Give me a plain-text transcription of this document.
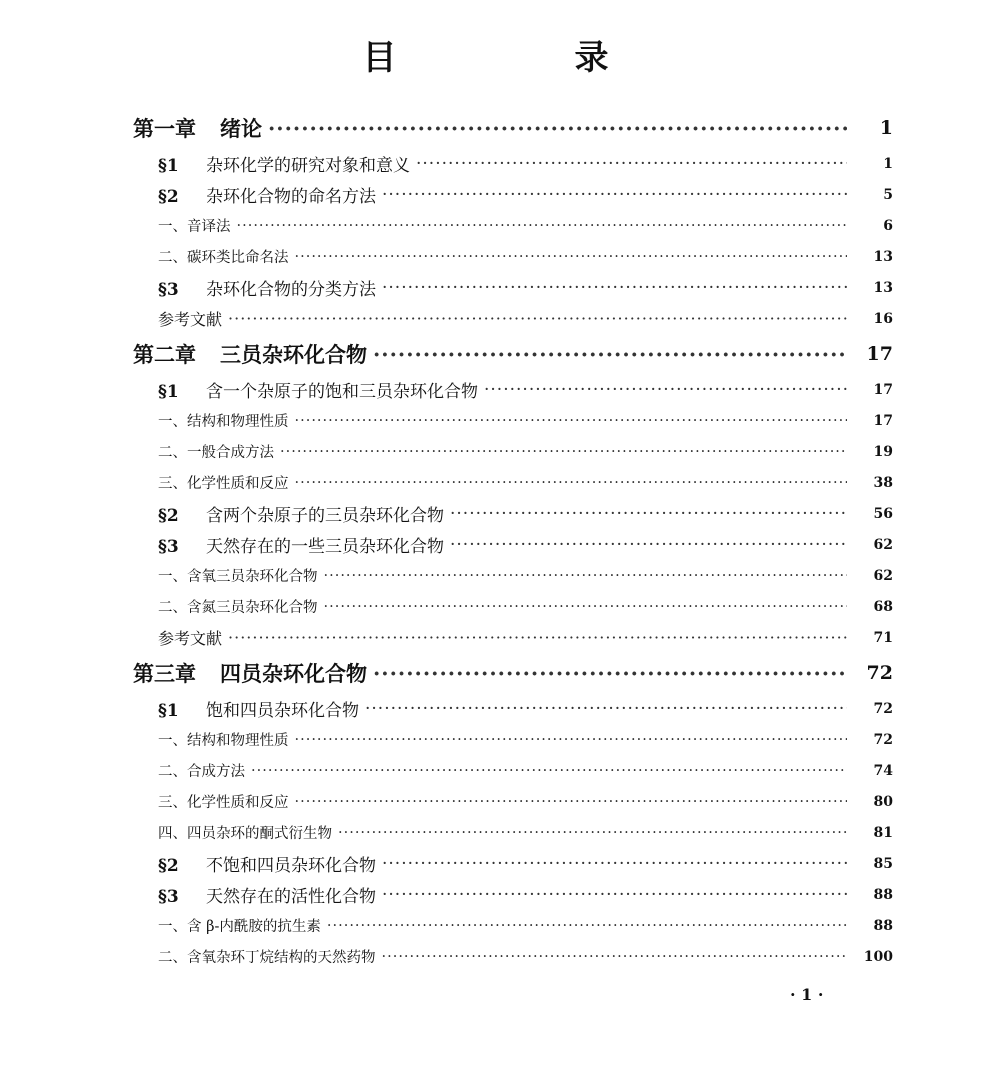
目　录
第一章 绪论 ·····	1
§1 杂环化学的研究对象和意义 ·····	1
§2 杂环化合物的命名方法 ·····	5
一、音译法 ·····	6
二、碳环类比命名法 ·····	13
§3 杂环化合物的分类方法 ·····	13
参考文献 ·····	16
第二章 三员杂环化合物 ·····	17
§1 含一个杂原子的饱和三员杂环化合物 ·····	17
一、结构和物理性质 ·····	17
二、一般合成方法 ·····	19
三、化学性质和反应 ·····	38
§2 含两个杂原子的三员杂环化合物 ·····	56
§3 天然存在的一些三员杂环化合物 ·····	62
一、含氧三员杂环化合物 ·····	62
二、含氮三员杂环化合物 ·····	68
参考文献 ·····	71
第三章 四员杂环化合物 ·····	72
§1 饱和四员杂环化合物 ·····	72
一、结构和物理性质 ·····	72
二、合成方法 ·····	74
三、化学性质和反应 ·····	80
四、四员杂环的酮式衍生物 ·····	81
§2 不饱和四员杂环化合物 ·····	85
§3 天然存在的活性化合物 ·····	88
一、含 β-内酰胺的抗生素 ·····	88
二、含氧杂环丁烷结构的天然药物 ·····	100
· 1 ·
